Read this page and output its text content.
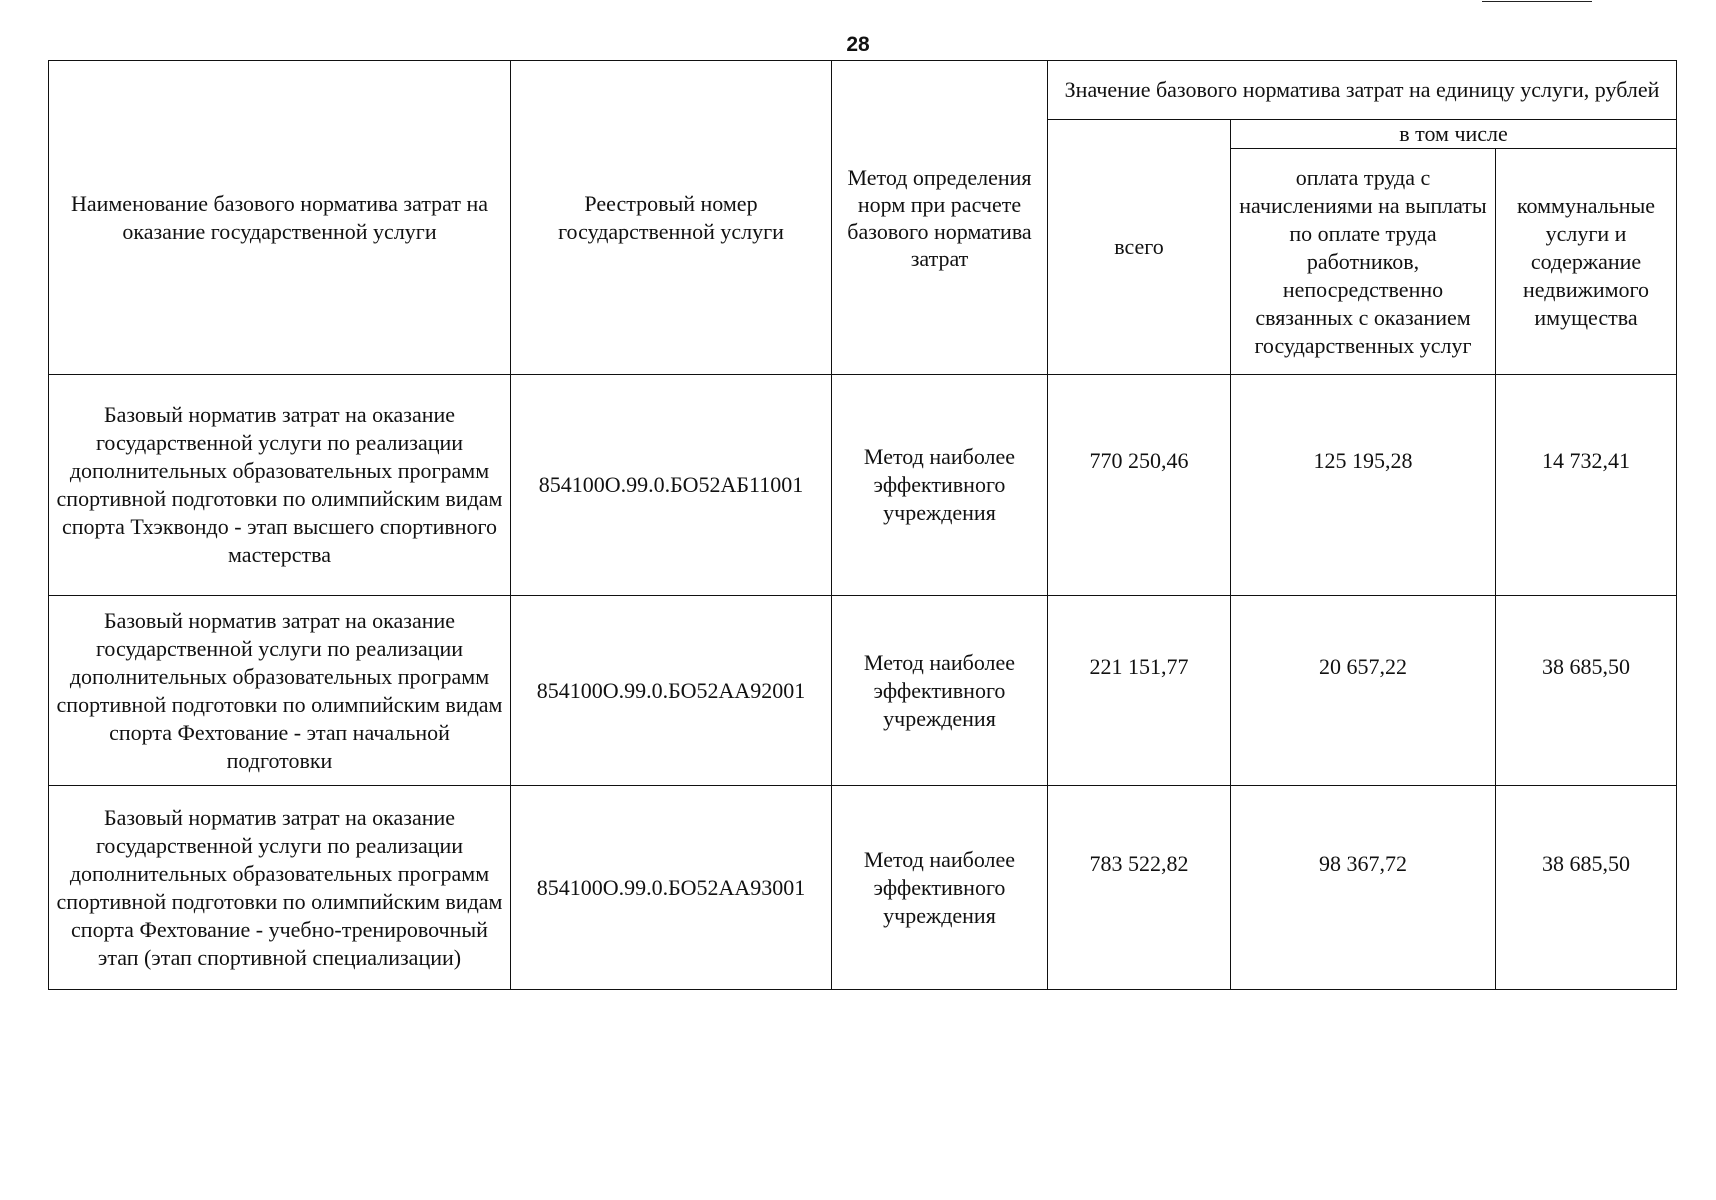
28
Наименование базового норматива затрат на оказание государственной услуги	Реестровый номер государственной услуги	Метод определения норм при расчете базового норматива затрат	Значение базового норматива затрат на единицу услуги, рублей		
			всего	в том числе	
				оплата труда с начислениями на выплаты по оплате труда работников, непосредственно связанных с оказанием государственных услуг	коммунальные услуги и содержание недвижимого имущества
Базовый норматив затрат на оказание государственной услуги по реализации дополнительных образовательных программ спортивной подготовки по олимпийским видам спорта Тхэквондо - этап высшего спортивного мастерства	854100О.99.0.БО52АБ11001	Метод наиболее эффективного учреждения	770 250,46	125 195,28	14 732,41
Базовый норматив затрат на оказание государственной услуги по реализации дополнительных образовательных программ спортивной подготовки по олимпийским видам спорта Фехтование - этап начальной подготовки	854100О.99.0.БО52АА92001	Метод наиболее эффективного учреждения	221 151,77	20 657,22	38 685,50
Базовый норматив затрат на оказание государственной услуги по реализации дополнительных образовательных программ спортивной подготовки по олимпийским видам спорта Фехтование - учебно-тренировочный этап (этап спортивной специализации)	854100О.99.0.БО52АА93001	Метод наиболее эффективного учреждения	783 522,82	98 367,72	38 685,50
